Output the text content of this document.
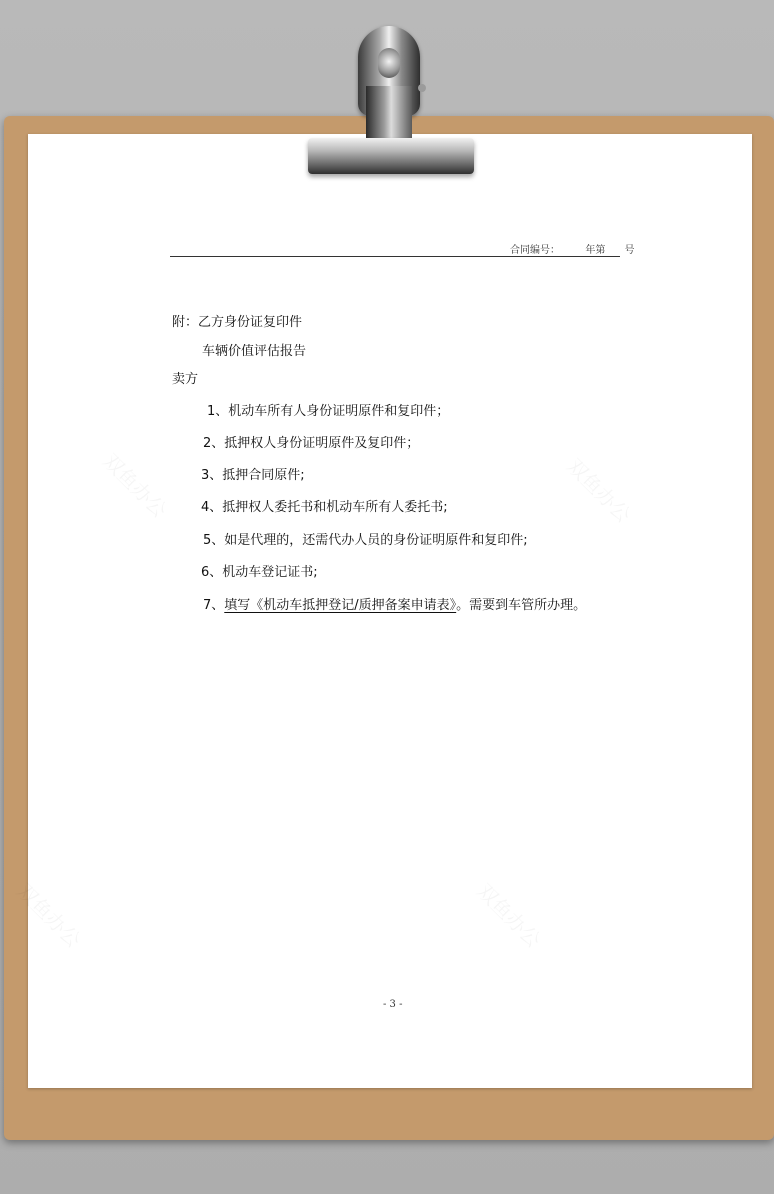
合同编号：        年第      号
附：乙方身份证复印件
车辆价值评估报告
卖方
1、机动车所有人身份证明原件和复印件；
2、抵押权人身份证明原件及复印件；
3、抵押合同原件;
4、抵押权人委托书和机动车所有人委托书;
5、如是代理的，还需代办人员的身份证明原件和复印件;
6、机动车登记证书;
7、填写《机动车抵押登记/质押备案申请表》。需要到车管所办理。
- 3 -
